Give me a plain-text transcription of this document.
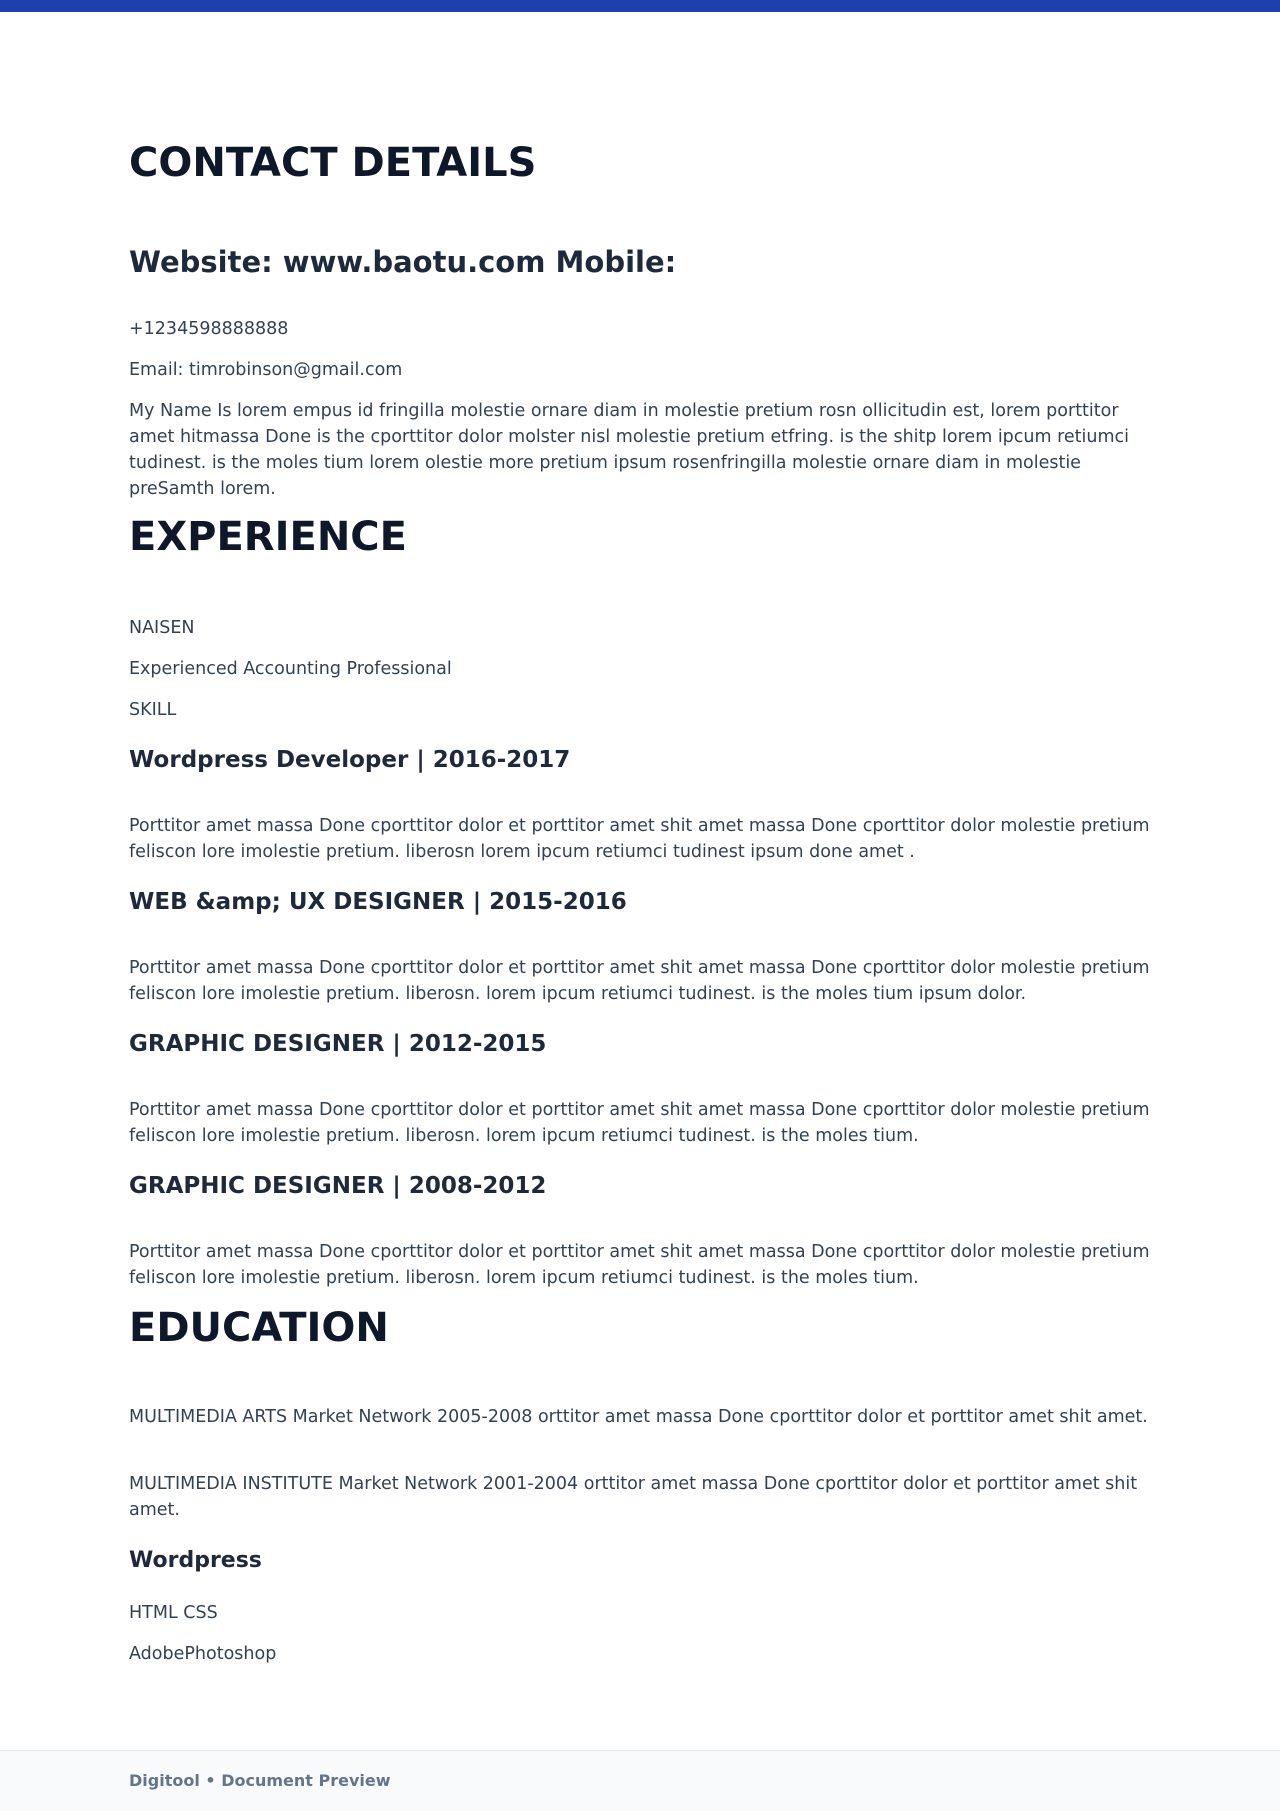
CONTACT DETAILS
Website: www.baotu.com Mobile:

+1234598888888

Email: timrobinson@gmail.com

My Name Is lorem empus id fringilla molestie ornare diam in molestie pretium rosn ollicitudin est, lorem porttitor amet hitmassa Done is the cporttitor dolor molster nisl molestie pretium etfring. is the shitp lorem ipcum retiumci tudinest. is the moles tium lorem olestie more pretium ipsum rosenfringilla molestie ornare diam in molestie preSamth lorem.

EXPERIENCE

NAISEN

Experienced Accounting Professional

SKILL

Wordpress Developer | 2016-2017

Porttitor amet massa Done cporttitor dolor et porttitor amet shit amet massa Done cporttitor dolor molestie pretium feliscon lore imolestie pretium. liberosn lorem ipcum retiumci tudinest ipsum done amet .

WEB &amp; UX DESIGNER | 2015-2016

Porttitor amet massa Done cporttitor dolor et porttitor amet shit amet massa Done cporttitor dolor molestie pretium feliscon lore imolestie pretium. liberosn. lorem ipcum retiumci tudinest. is the moles tium ipsum dolor.

GRAPHIC DESIGNER | 2012-2015

Porttitor amet massa Done cporttitor dolor et porttitor amet shit amet massa Done cporttitor dolor molestie pretium feliscon lore imolestie pretium. liberosn. lorem ipcum retiumci tudinest. is the moles tium.

GRAPHIC DESIGNER | 2008-2012

Porttitor amet massa Done cporttitor dolor et porttitor amet shit amet massa Done cporttitor dolor molestie pretium feliscon lore imolestie pretium. liberosn. lorem ipcum retiumci tudinest. is the moles tium.

EDUCATION

MULTIMEDIA ARTS Market Network 2005-2008 orttitor amet massa Done cporttitor dolor et porttitor amet shit amet.

MULTIMEDIA INSTITUTE Market Network 2001-2004 orttitor amet massa Done cporttitor dolor et porttitor amet shit amet.

Wordpress

HTML CSS

AdobePhotoshop

Digitool • Document Preview
